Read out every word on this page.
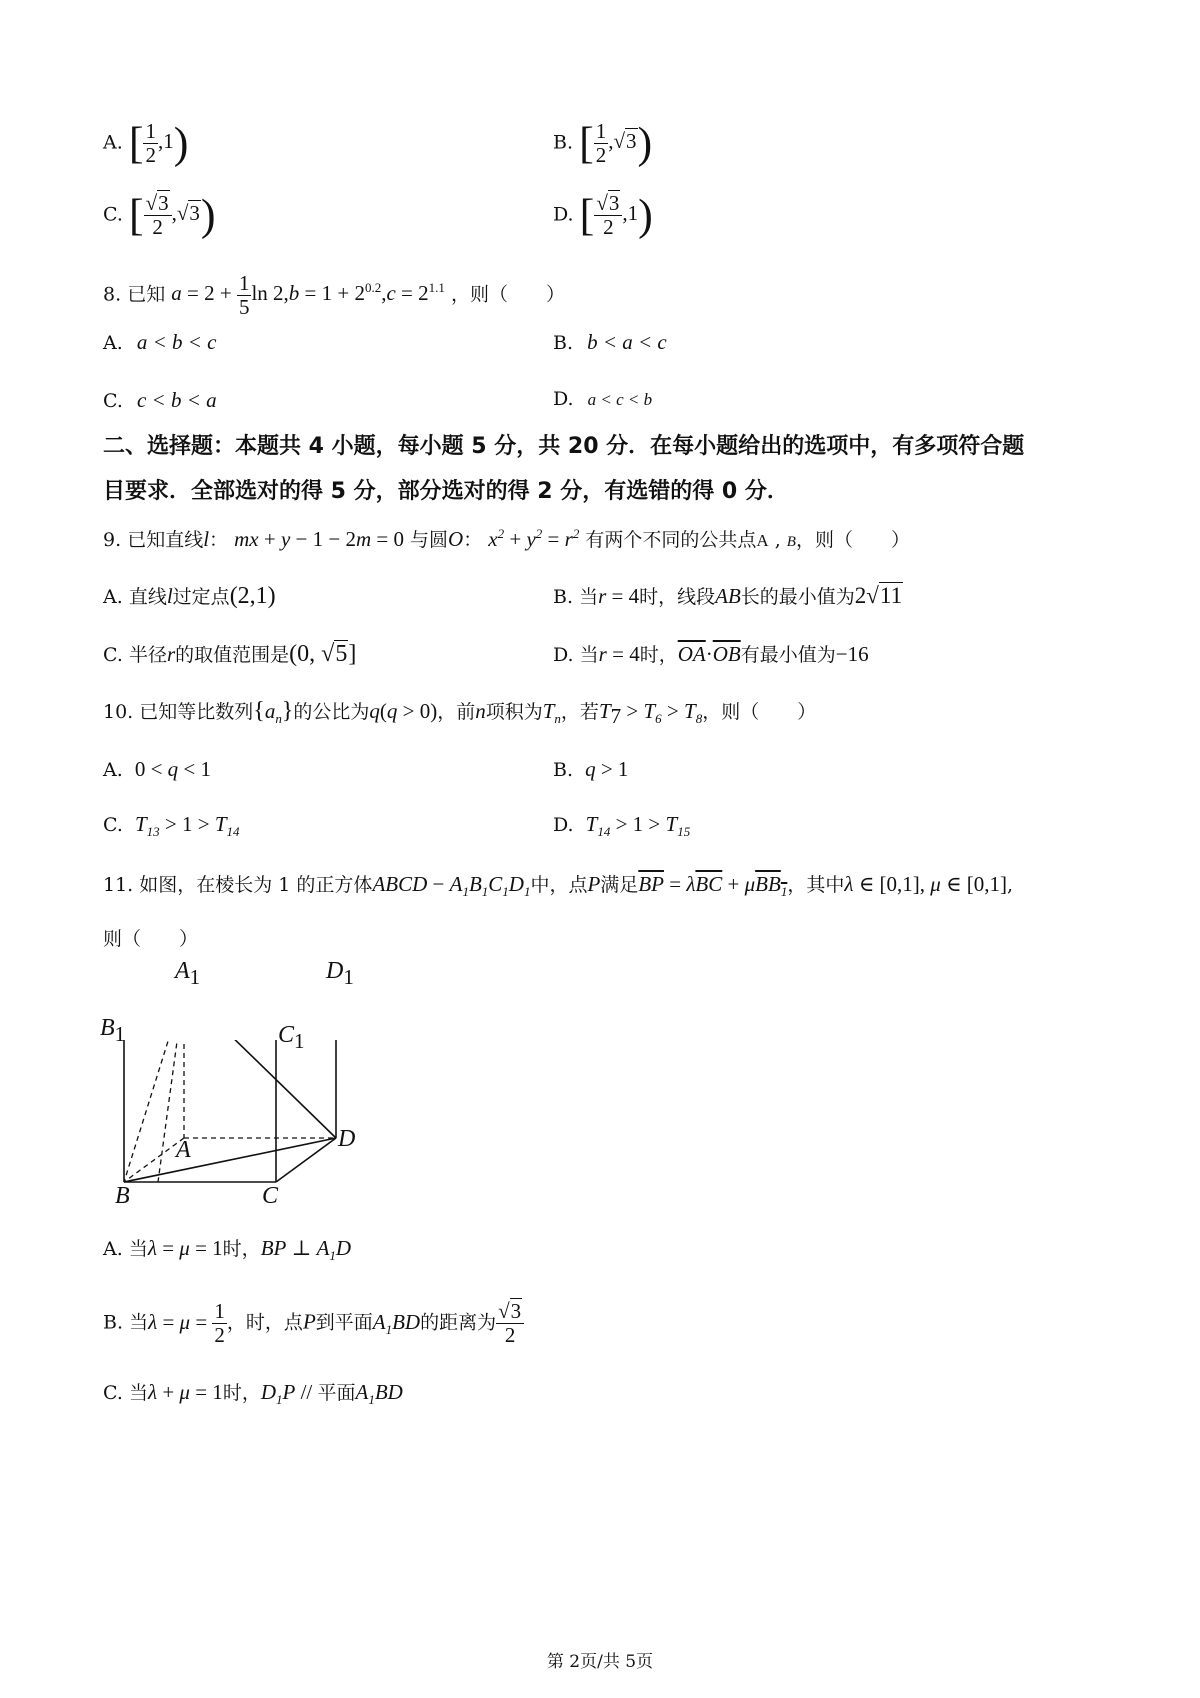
A. [ $\frac{1}{2} ,1$)	B. [ $\frac{1}{2} ,√3$)
C. [ $\frac{√3}{2} ,√3$)	D. [ $\frac{√3}{2} ,1$)
8. 已知 $a = 2 + \frac{1}{5}$ $\ln 2,b = 1 + 2^{0.2},c = 2^{1.1}$ ，则（　　）
A. a < b < c	B. b < a < c
C. c < b < a	D. a < c < b
二、选择题：本题共 4 小题，每小题 5 分，共 20 分．在每小题给出的选项中，有多项符合题
目要求．全部选对的得 5 分，部分选对的得 2 分，有选错的得 0 分．
9. 已知直线l： mx + y − 1 − 2m = 0 与圆O： $x^2 + y^2 = r^2$ 有两个不同的公共点A , B，则（　　）
A. 直线l过定点(2,1)	B. 当r = 4时，线段AB长的最小值为2√11
C. 半径r的取值范围是(0, √5]	D. 当r = 4时，$\overline{OA}\cdot\overline{OB}$有最小值为−16
10. 已知等比数列$\{a_n\}$的公比为q(q > 0)，前n项积为$T_n$，若$T_7 > T_6 > T_8$，则（　　）
A. 0 < q < 1	B. q > 1
C. $T_{13} > 1 > T_{14}$	D. $T_{14} > 1 > T_{15}$
11. 如图，在棱长为 1 的正方体ABCD − $A_1B_1C_1D_1$中，点P满足$\overline{BP} = \lambda\overline{BC} + \mu BB_1$，其中λ ∈ [0,1], μ ∈ [0,1],
则（　　）
$A_1$	$D_1$
$B_1$	$C_1$
A	D
B	C
A. 当λ = μ = 1时，BP ⊥ $A_1D$
B. 当$\lambda = \mu = \frac{1}{2}$ ，时，点P到平面$A_1BD$的距离为 $\frac{√3}{2}$
C. 当λ + μ = 1时，$D_1P$ // 平面$A_1BD$
第 2页/共 5页
